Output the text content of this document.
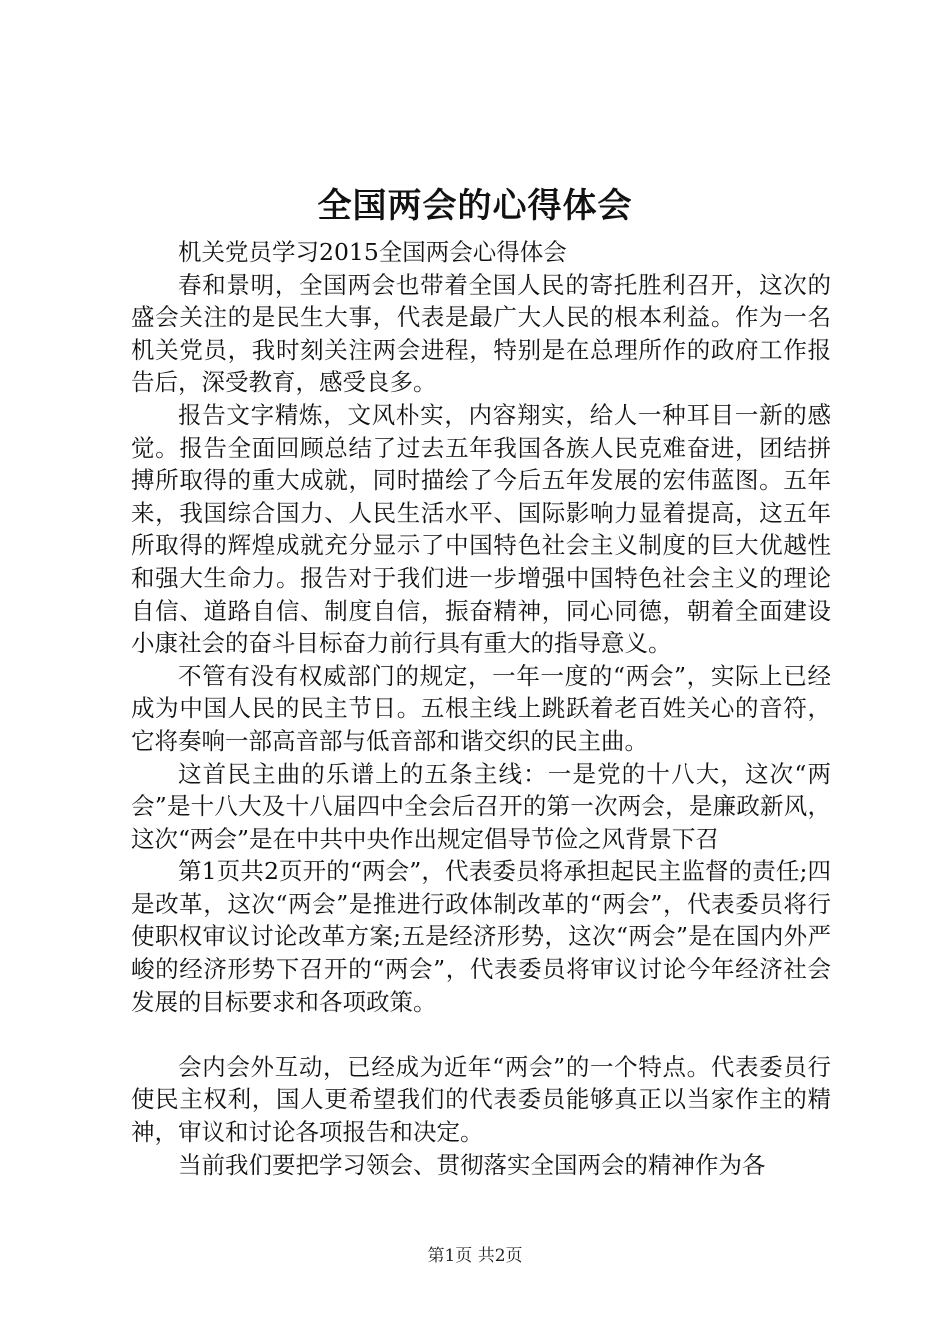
全国两会的心得体会

机关党员学习2015全国两会心得体会

春和景明，全国两会也带着全国人民的寄托胜利召开，这次的盛会关注的是民生大事，代表是最广大人民的根本利益。作为一名机关党员，我时刻关注两会进程，特别是在总理所作的政府工作报告后，深受教育，感受良多。

报告文字精炼，文风朴实，内容翔实，给人一种耳目一新的感觉。报告全面回顾总结了过去五年我国各族人民克难奋进，团结拼搏所取得的重大成就，同时描绘了今后五年发展的宏伟蓝图。五年来，我国综合国力、人民生活水平、国际影响力显着提高，这五年所取得的辉煌成就充分显示了中国特色社会主义制度的巨大优越性和强大生命力。报告对于我们进一步增强中国特色社会主义的理论自信、道路自信、制度自信，振奋精神，同心同德，朝着全面建设小康社会的奋斗目标奋力前行具有重大的指导意义。

不管有没有权威部门的规定，一年一度的“两会”，实际上已经成为中国人民的民主节日。五根主线上跳跃着老百姓关心的音符，它将奏响一部高音部与低音部和谐交织的民主曲。

这首民主曲的乐谱上的五条主线：一是党的十八大，这次“两会”是十八大及十八届四中全会后召开的第一次两会，是廉政新风，这次“两会”是在中共中央作出规定倡导节俭之风背景下召

第1页共2页开的“两会”，代表委员将承担起民主监督的责任;四是改革，这次“两会”是推进行政体制改革的“两会”，代表委员将行使职权审议讨论改革方案;五是经济形势，这次“两会”是在国内外严峻的经济形势下召开的“两会”，代表委员将审议讨论今年经济社会发展的目标要求和各项政策。

会内会外互动，已经成为近年“两会”的一个特点。代表委员行使民主权利，国人更希望我们的代表委员能够真正以当家作主的精神，审议和讨论各项报告和决定。

当前我们要把学习领会、贯彻落实全国两会的精神作为各

第1页 共2页
